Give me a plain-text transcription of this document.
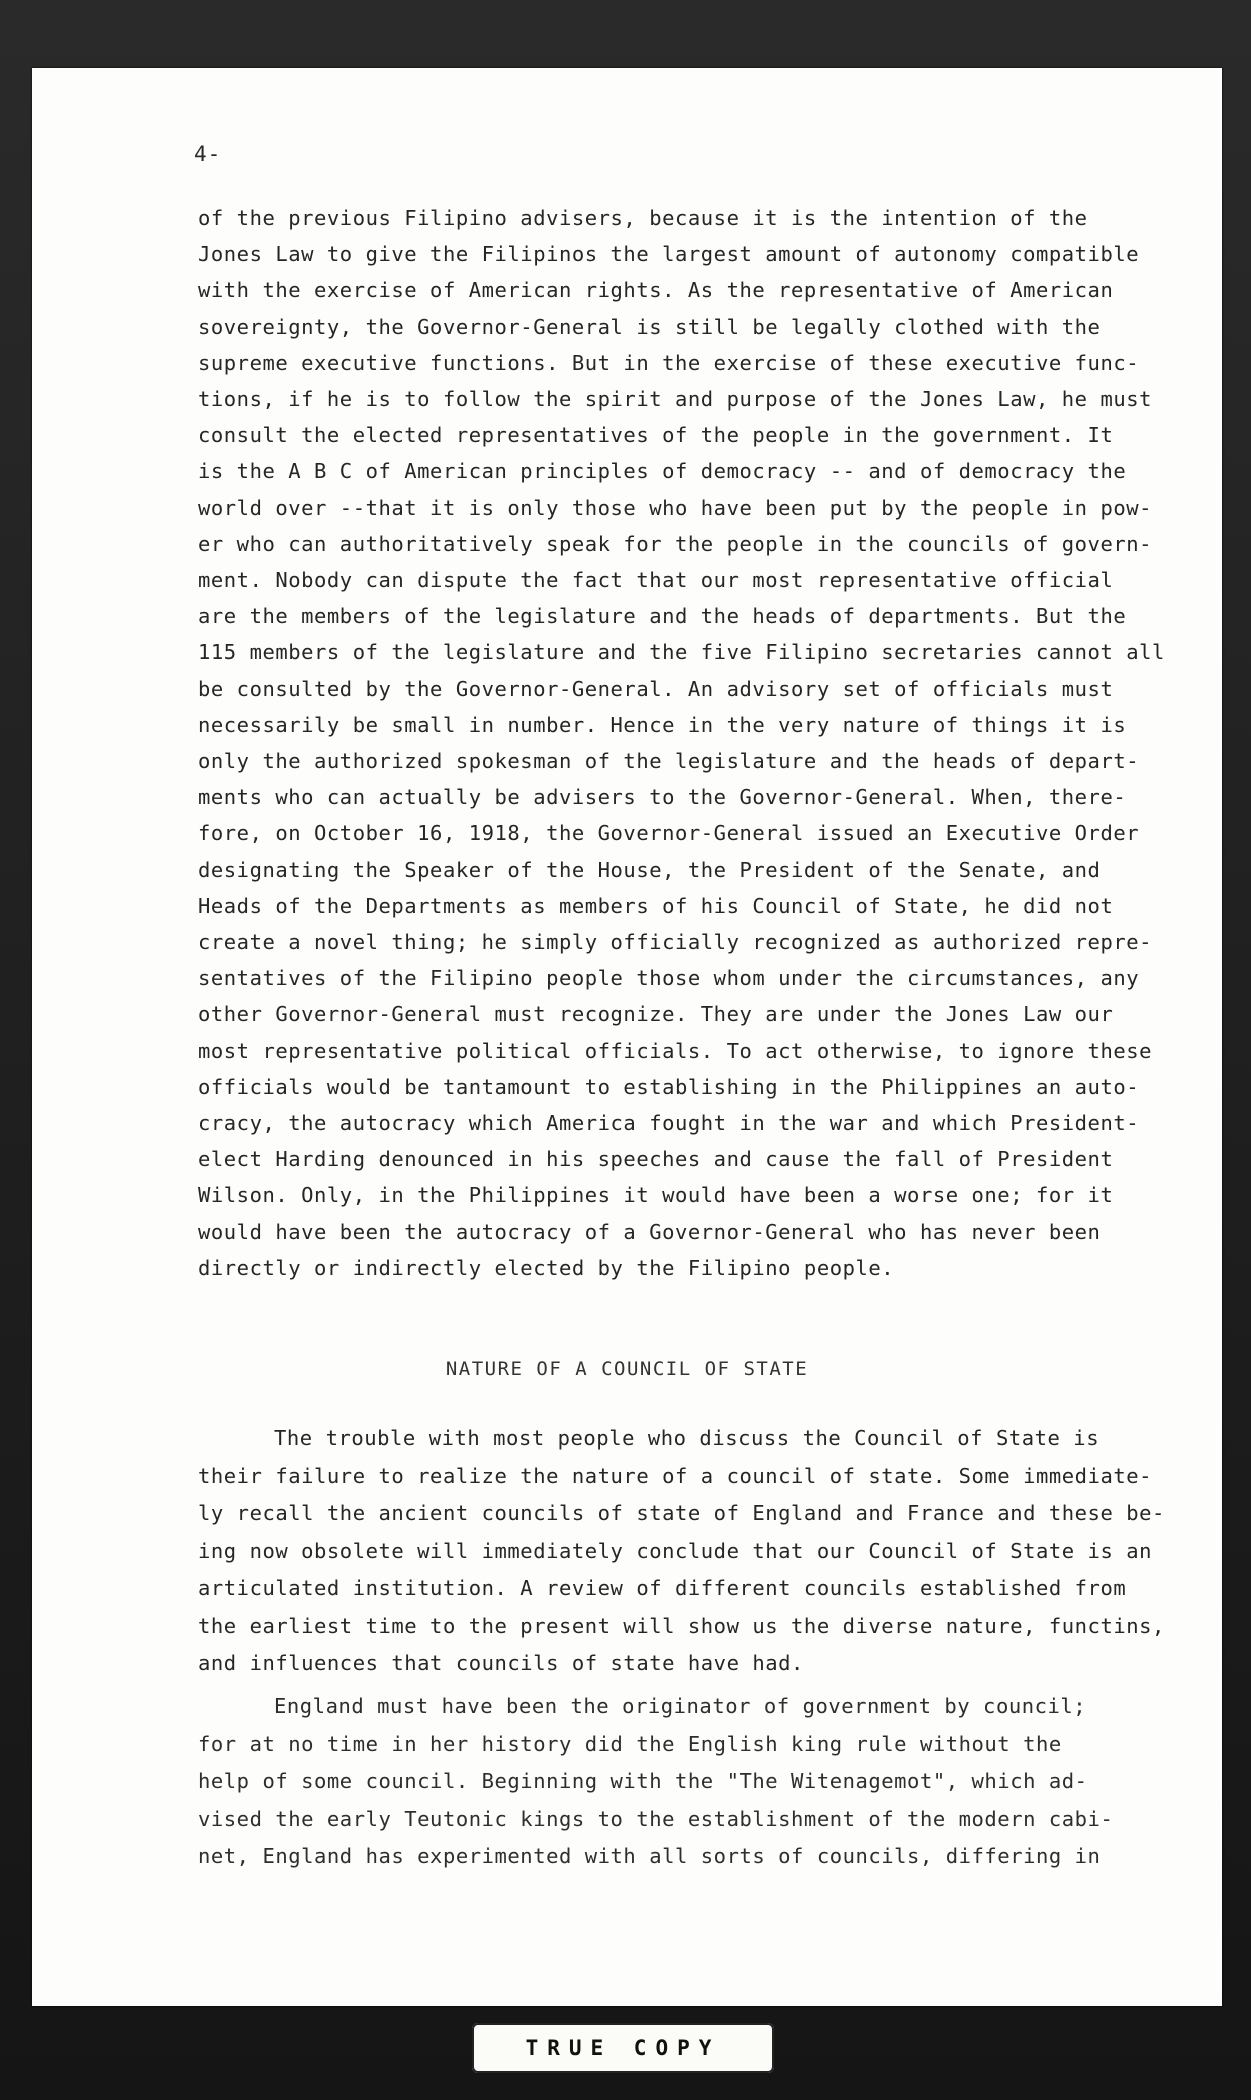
4-

of the previous Filipino advisers, because it is the intention of the

Jones Law to give the Filipinos the largest amount of autonomy compatible

with the exercise of American rights. As the representative of American

sovereignty, the Governor-General is still be legally clothed with the

supreme executive functions. But in the exercise of these executive func-

tions, if he is to follow the spirit and purpose of the Jones Law, he must

consult the elected representatives of the people in the government. It

is the A B C of American principles of democracy -- and of democracy the

world over --that it is only those who have been put by the people in pow-

er who can authoritatively speak for the people in the councils of govern-

ment. Nobody can dispute the fact that our most representative official

are the members of the legislature and the heads of departments. But the

115 members of the legislature and the five Filipino secretaries cannot all

be consulted by the Governor-General. An advisory set of officials must

necessarily be small in number. Hence in the very nature of things it is

only the authorized spokesman of the legislature and the heads of depart-

ments who can actually be advisers to the Governor-General. When, there-

fore, on October 16, 1918, the Governor-General issued an Executive Order

designating the Speaker of the House, the President of the Senate, and

Heads of the Departments as members of his Council of State, he did not

create a novel thing; he simply officially recognized as authorized repre-

sentatives of the Filipino people those whom under the circumstances, any

other Governor-General must recognize. They are under the Jones Law our

most representative political officials. To act otherwise, to ignore these

officials would be tantamount to establishing in the Philippines an auto-

cracy, the autocracy which America fought in the war and which President-

elect Harding denounced in his speeches and cause the fall of President

Wilson. Only, in the Philippines it would have been a worse one; for it

would have been the autocracy of a Governor-General who has never been

directly or indirectly elected by the Filipino people.

NATURE OF A COUNCIL OF STATE

The trouble with most people who discuss the Council of State is

their failure to realize the nature of a council of state. Some immediate-

ly recall the ancient councils of state of England and France and these be-

ing now obsolete will immediately conclude that our Council of State is an

articulated institution. A review of different councils established from

the earliest time to the present will show us the diverse nature, functins,

and influences that councils of state have had.

England must have been the originator of government by council;

for at no time in her history did the English king rule without the

help of some council. Beginning with the "The Witenagemot", which ad-

vised the early Teutonic kings to the establishment of the modern cabi-

net, England has experimented with all sorts of councils, differing in

TRUE COPY
